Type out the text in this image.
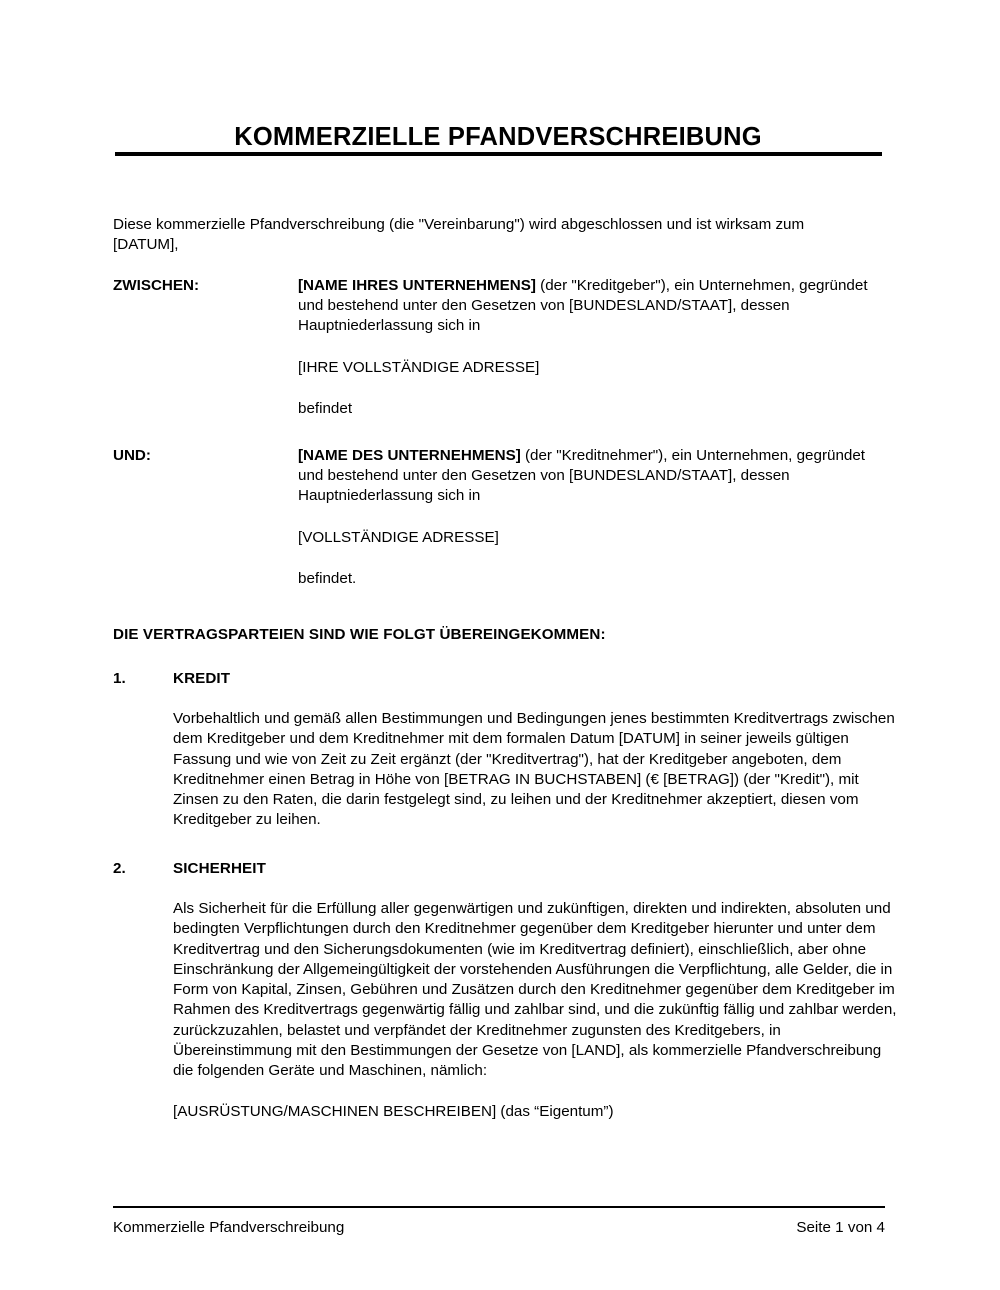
KOMMERZIELLE PFANDVERSCHREIBUNG

Diese kommerzielle Pfandverschreibung (die "Vereinbarung") wird abgeschlossen und ist wirksam zum [DATUM],

ZWISCHEN:	[NAME IHRES UNTERNEHMENS] (der "Kreditgeber"), ein Unternehmen, gegründet und bestehend unter den Gesetzen von [BUNDESLAND/STAAT], dessen Hauptniederlassung sich in
[IHRE VOLLSTÄNDIGE ADRESSE]
befindet
UND:	[NAME DES UNTERNEHMENS] (der "Kreditnehmer"), ein Unternehmen, gegründet und bestehend unter den Gesetzen von [BUNDESLAND/STAAT], dessen Hauptniederlassung sich in
[VOLLSTÄNDIGE ADRESSE]
befindet.
DIE VERTRAGSPARTEIEN SIND WIE FOLGT ÜBEREINGEKOMMEN:
1.	KREDIT
Vorbehaltlich und gemäß allen Bestimmungen und Bedingungen jenes bestimmten Kreditvertrags zwischen dem Kreditgeber und dem Kreditnehmer mit dem formalen Datum [DATUM] in seiner jeweils gültigen Fassung und wie von Zeit zu Zeit ergänzt (der "Kreditvertrag"), hat der Kreditgeber angeboten, dem Kreditnehmer einen Betrag in Höhe von [BETRAG IN BUCHSTABEN] (€ [BETRAG]) (der "Kredit"), mit Zinsen zu den Raten, die darin festgelegt sind, zu leihen und der Kreditnehmer akzeptiert, diesen vom Kreditgeber zu leihen.
2.	SICHERHEIT
Als Sicherheit für die Erfüllung aller gegenwärtigen und zukünftigen, direkten und indirekten, absoluten und bedingten Verpflichtungen durch den Kreditnehmer gegenüber dem Kreditgeber hierunter und unter dem Kreditvertrag und den Sicherungsdokumenten (wie im Kreditvertrag definiert), einschließlich, aber ohne Einschränkung der Allgemeingültigkeit der vorstehenden Ausführungen die Verpflichtung, alle Gelder, die in Form von Kapital, Zinsen, Gebühren und Zusätzen durch den Kreditnehmer gegenüber dem Kreditgeber im Rahmen des Kreditvertrags gegenwärtig fällig und zahlbar sind, und die zukünftig fällig und zahlbar werden, zurückzuzahlen, belastet und verpfändet der Kreditnehmer zugunsten des Kreditgebers, in Übereinstimmung mit den Bestimmungen der Gesetze von [LAND], als kommerzielle Pfandverschreibung die folgenden Geräte und Maschinen, nämlich:
[AUSRÜSTUNG/MASCHINEN BESCHREIBEN] (das “Eigentum”)
Kommerzielle Pfandverschreibung	Seite 1 von 4
